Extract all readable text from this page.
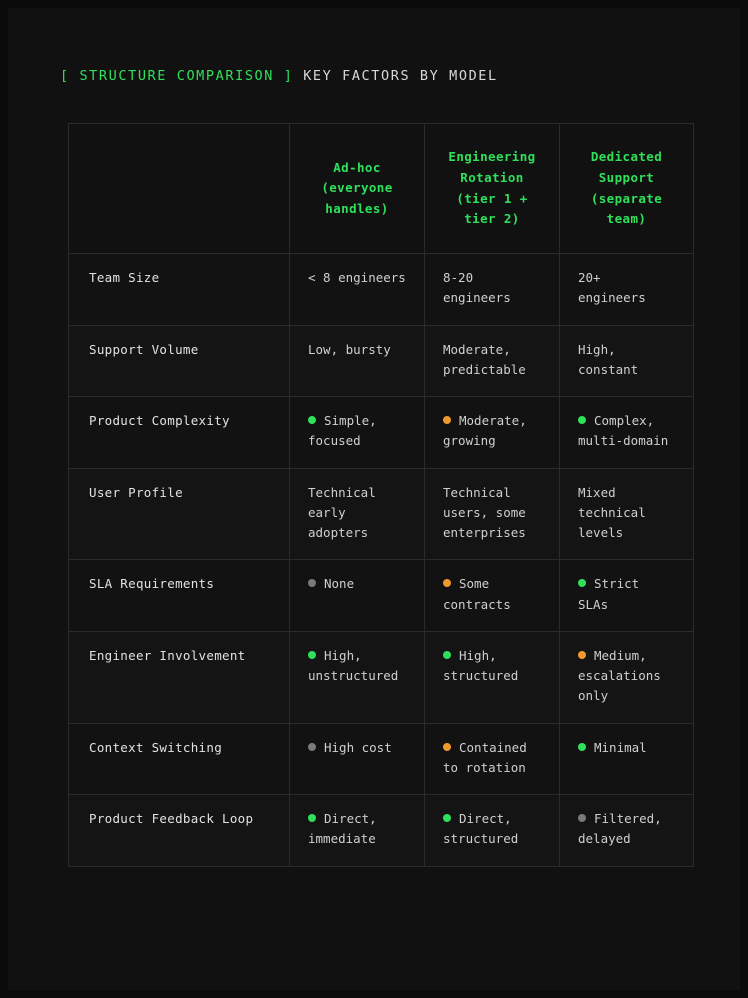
[ STRUCTURE COMPARISON ] KEY FACTORS BY MODEL

	Ad-hoc
(everyone
handles)	Engineering
Rotation
(tier 1 +
tier 2)	Dedicated
Support
(separate
team)

Team Size	< 8 engineers	8-20 engineers	20+ engineers
Support Volume	Low, bursty	Moderate, predictable	High, constant
Product Complexity	Simple, focused	Moderate, growing	Complex, multi-domain
User Profile	Technical early adopters	Technical users, some enterprises	Mixed technical levels
SLA Requirements	None	Some contracts	Strict SLAs
Engineer Involvement	High, unstructured	High, structured	Medium, escalations only
Context Switching	High cost	Contained to rotation	Minimal
Product Feedback Loop	Direct, immediate	Direct, structured	Filtered, delayed
